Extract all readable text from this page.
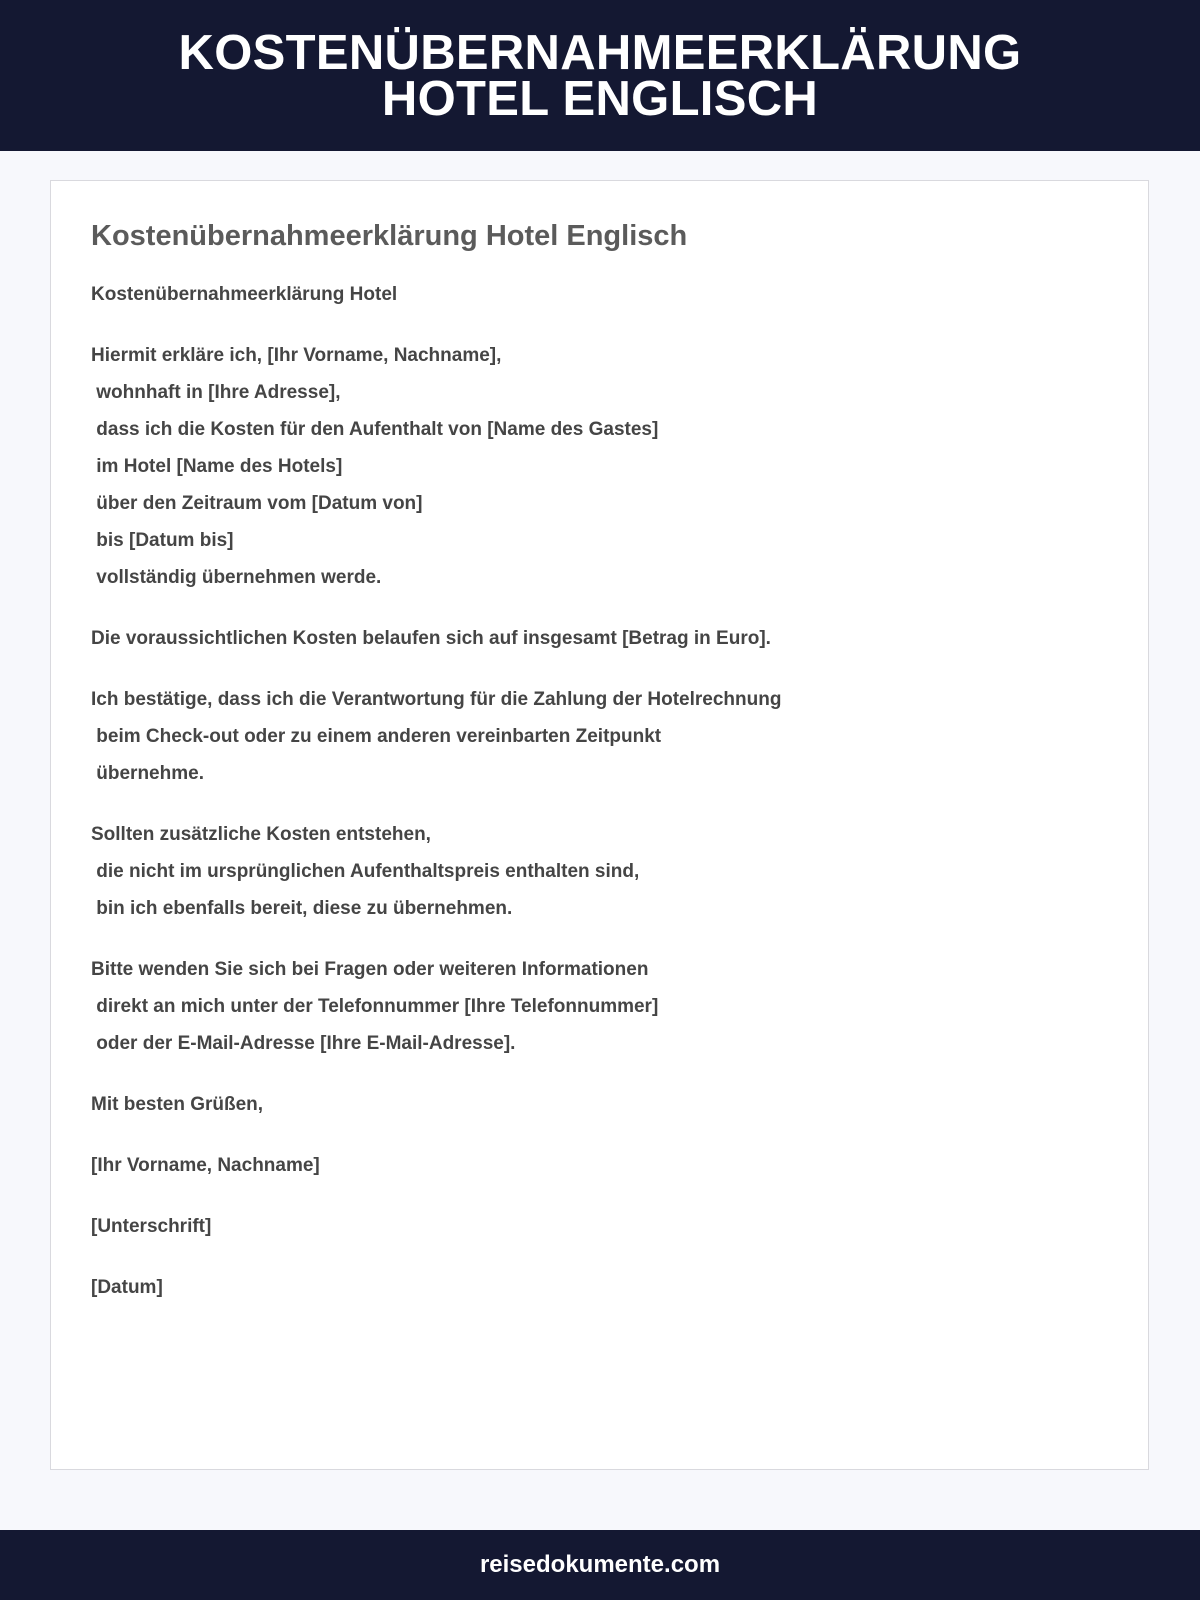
KOSTENÜBERNAHMEERKLÄRUNG
HOTEL ENGLISCH
Kostenübernahmeerklärung Hotel Englisch

Kostenübernahmeerklärung Hotel

Hiermit erkläre ich, [Ihr Vorname, Nachname],
wohnhaft in [Ihre Adresse],
dass ich die Kosten für den Aufenthalt von [Name des Gastes]
im Hotel [Name des Hotels]
über den Zeitraum vom [Datum von]
bis [Datum bis]
vollständig übernehmen werde.

Die voraussichtlichen Kosten belaufen sich auf insgesamt [Betrag in Euro].

Ich bestätige, dass ich die Verantwortung für die Zahlung der Hotelrechnung
beim Check-out oder zu einem anderen vereinbarten Zeitpunkt
übernehme.

Sollten zusätzliche Kosten entstehen,
die nicht im ursprünglichen Aufenthaltspreis enthalten sind,
bin ich ebenfalls bereit, diese zu übernehmen.

Bitte wenden Sie sich bei Fragen oder weiteren Informationen
direkt an mich unter der Telefonnummer [Ihre Telefonnummer]
oder der E-Mail-Adresse [Ihre E-Mail-Adresse].

Mit besten Grüßen,

[Ihr Vorname, Nachname]

[Unterschrift]

[Datum]

reisedokumente.com
